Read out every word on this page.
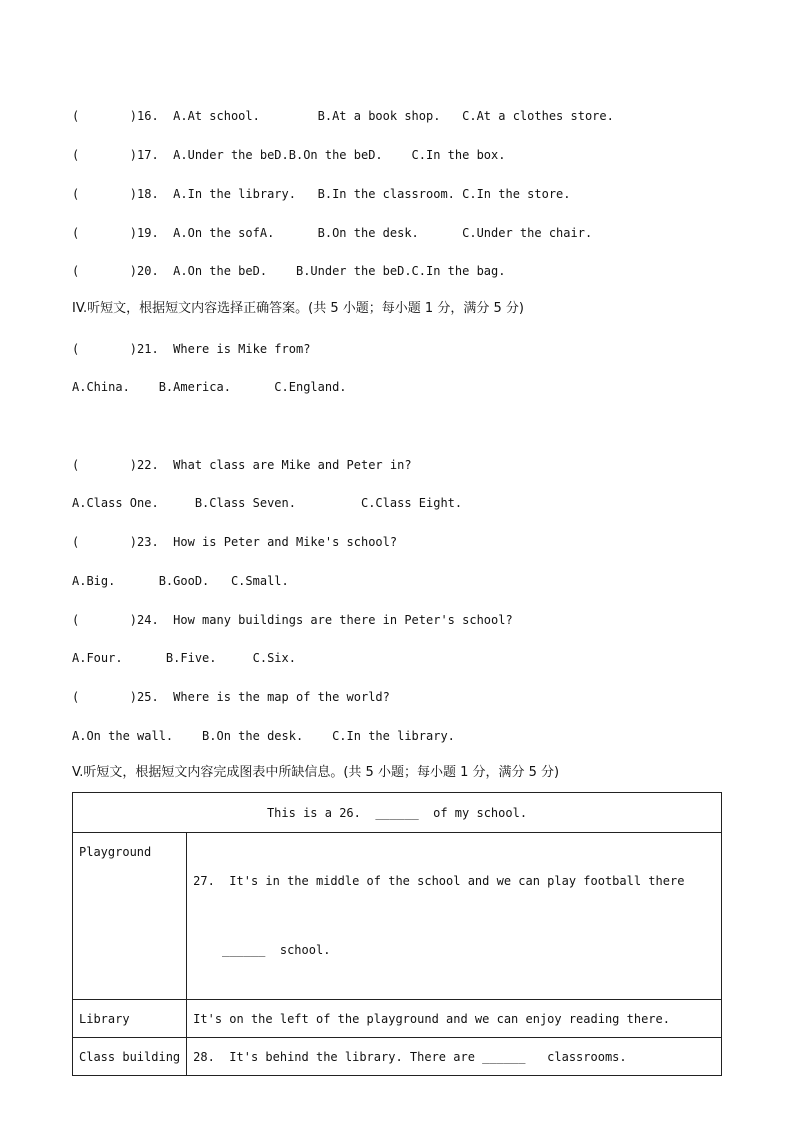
(       )16.  A.At school.        B.At a book shop.   C.At a clothes store.
(       )17.  A.Under the beD.B.On the beD.    C.In the box.
(       )18.  A.In the library.   B.In the classroom. C.In the store.
(       )19.  A.On the sofA.      B.On the desk.      C.Under the chair.
(       )20.  A.On the beD.    B.Under the beD.C.In the bag.
IV.听短文，根据短文内容选择正确答案。(共 5 小题；每小题 1 分，满分 5 分)
(       )21.  Where is Mike from?
A.China.    B.America.      C.England.
(       )22.  What class are Mike and Peter in?
A.Class One.     B.Class Seven.         C.Class Eight.
(       )23.  How is Peter and Mike's school?
A.Big.      B.GooD.   C.Small.
(       )24.  How many buildings are there in Peter's school?
A.Four.      B.Five.     C.Six.
(       )25.  Where is the map of the world?
A.On the wall.    B.On the desk.    C.In the library.
V.听短文，根据短文内容完成图表中所缺信息。(共 5 小题；每小题 1 分，满分 5 分)
This is a 26.  ______  of my school.	
Playground	27.  It's in the middle of the school and we can play football there

______  school.

Library	It's on the left of the playground and we can enjoy reading there.
Class building	28.  It's behind the library. There are ______   classrooms.
